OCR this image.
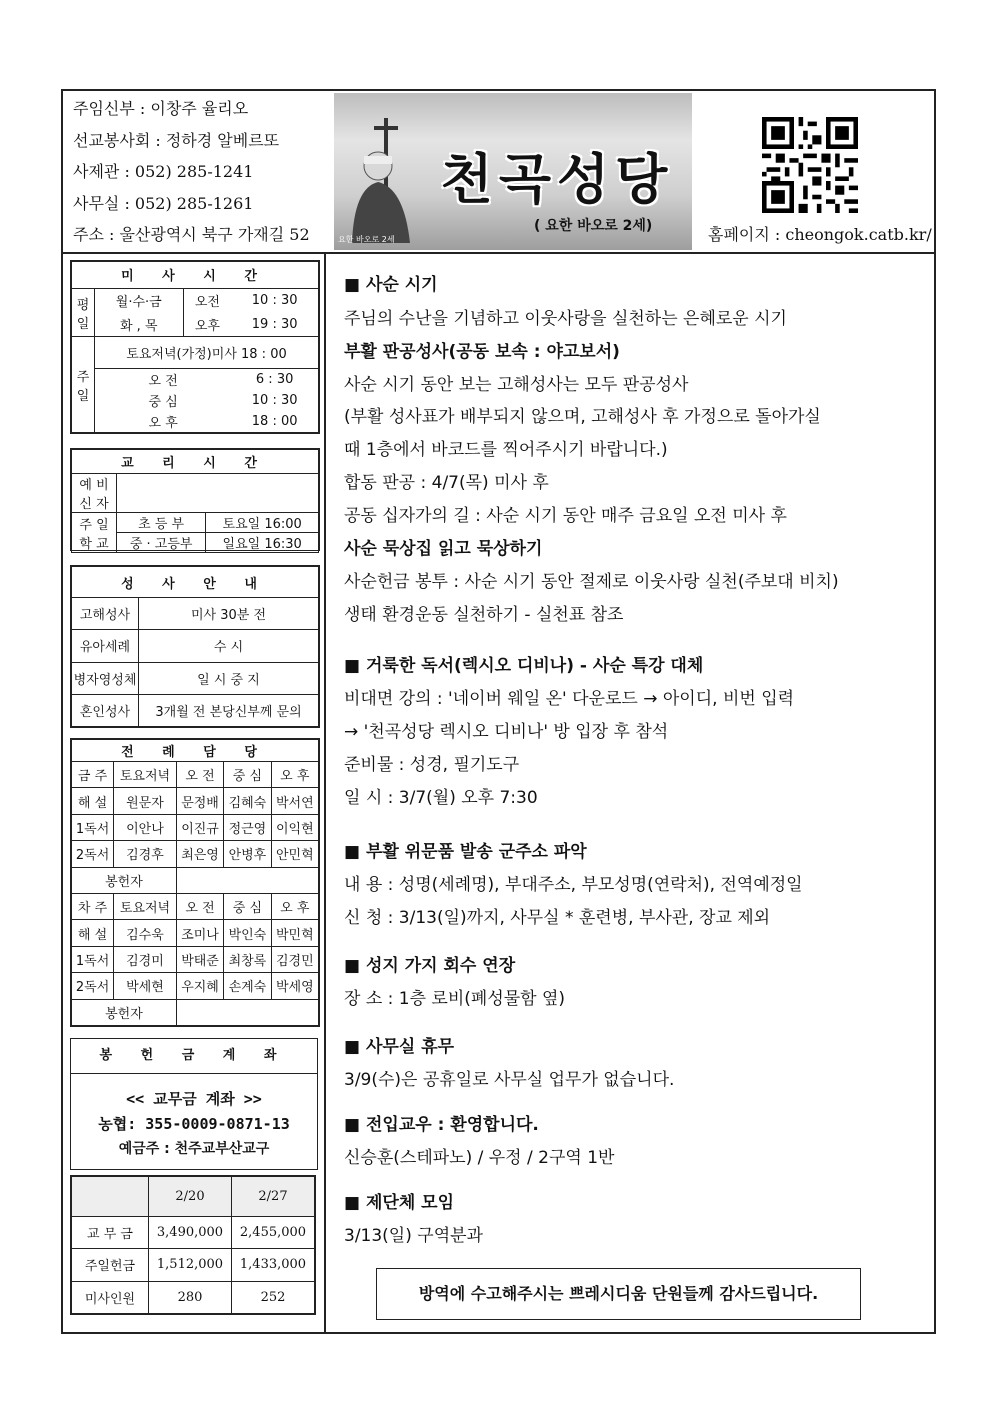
주임신부 : 이창주 율리오
선교봉사회 : 정하경 알베르또
사제관 : 052) 285-1241
사무실 : 052) 285-1261
주소 : 울산광역시 북구 가재길 52
천곡성당
( 요한 바오로 2세)
요한 바오로 2세	홈페이지 : cheongok.catb.kr/
미 사 시 간			
평 일	월·수·금	오전	10 : 30
	화 , 목	오후	19 : 30
주 일	토요저녁(가정)미사 18 : 00		
	오 전		6 : 30
	중 심		10 : 30
	오 후		18 : 00
교 리 시 간		
예 비 신 자		
주 일 학 교	초 등 부	토요일 16:00
	중 · 고등부	일요일 16:30
성 사 안 내	
고해성사	미사 30분 전
유아세례	수 시
병자영성체	일 시 중 지
혼인성사	3개월 전 본당신부께 문의
전 례 담 당				
금 주	토요저녁	오 전	중 심	오 후
해 설	원문자	문정배	김혜숙	박서연
1독서	이안나	이진규	정근영	이익현
2독서	김경후	최은영	안병후	안민혁
봉헌자				
차 주	토요저녁	오 전	중 심	오 후
해 설	김수욱	조미나	박인숙	박민혁
1독서	김경미	박태준	최창록	김경민
2독서	박세현	우지혜	손계숙	박세영
봉헌자				
봉 헌 금 계 좌
<< 교무금 계좌 >>
농협: 355-0009-0871-13
예금주 : 천주교부산교구
	2/20	2/27
교 무 금	3,490,000	2,455,000
주일헌금	1,512,000	1,433,000
미사인원	280	252
■ 사순 시기
주님의 수난을 기념하고 이웃사랑을 실천하는 은혜로운 시기
부활 판공성사(공동 보속 : 야고보서)
사순 시기 동안 보는 고해성사는 모두 판공성사
(부활 성사표가 배부되지 않으며, 고해성사 후 가정으로 돌아가실
때 1층에서 바코드를 찍어주시기 바랍니다.)
합동 판공 : 4/7(목) 미사 후
공동 십자가의 길 : 사순 시기 동안 매주 금요일 오전 미사 후
사순 묵상집 읽고 묵상하기
사순헌금 봉투 : 사순 시기 동안 절제로 이웃사랑 실천(주보대 비치)
생태 환경운동 실천하기 - 실천표 참조
■ 거룩한 독서(렉시오 디비나) - 사순 특강 대체
비대면 강의 : '네이버 웨일 온' 다운로드 → 아이디, 비번 입력
→ '천곡성당 렉시오 디비나' 방 입장 후 참석
준비물 : 성경, 필기도구
일 시 : 3/7(월) 오후 7:30
■ 부활 위문품 발송 군주소 파악
내 용 : 성명(세례명), 부대주소, 부모성명(연락처), 전역예정일
신 청 : 3/13(일)까지, 사무실 * 훈련병, 부사관, 장교 제외
■ 성지 가지 회수 연장
장 소 : 1층 로비(폐성물함 옆)
■ 사무실 휴무
3/9(수)은 공휴일로 사무실 업무가 없습니다.
■ 전입교우 : 환영합니다.
신승훈(스테파노) / 우정 / 2구역 1반
■ 제단체 모임
3/13(일) 구역분과
방역에 수고해주시는 쁘레시디움 단원들께 감사드립니다.
